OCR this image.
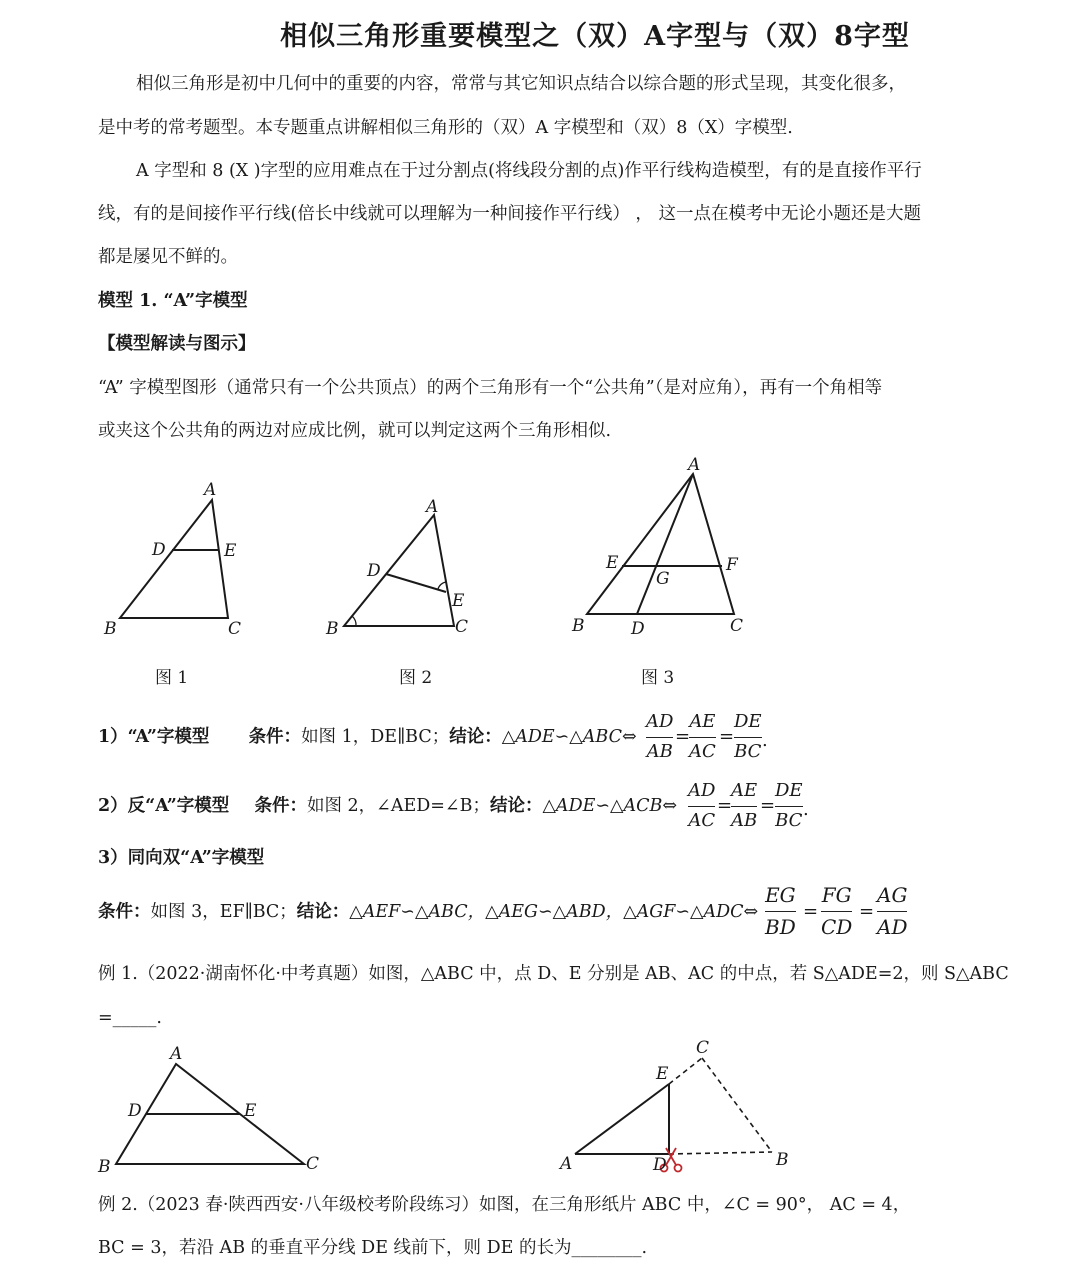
相似三角形重要模型之（双）A字型与（双）8字型
相似三角形是初中几何中的重要的内容，常常与其它知识点结合以综合题的形式呈现，其变化很多，
是中考的常考题型。本专题重点讲解相似三角形的（双）A 字模型和（双）8（X）字模型.
A 字型和 8 (X )字型的应用难点在于过分割点(将线段分割的点)作平行线构造模型，有的是直接作平行
线，有的是间接作平行线(倍长中线就可以理解为一种间接作平行线） ， 这一点在模考中无论小题还是大题
都是屡见不鲜的。
模型 1. “A”字模型
【模型解读与图示】
“A” 字模型图形（通常只有一个公共顶点）的两个三角形有一个“公共角”（是对应角），再有一个角相等
或夹这个公共角的两边对应成比例，就可以判定这两个三角形相似.
A
B	C
D	E
A
B	C
D
E
A
B	C
D
E	F
G
图 1	图 2	图 3
1）“A”字模型 条件：如图 1，DE∥BC；结论：△ADE∽△ABC⇔
AD
AB
=
AE
AC
=
DE
BC
.
2）反“A”字模型 条件：如图 2，∠AED=∠B；结论：△ADE∽△ACB⇔
AD
AC
=
AE
AB
=
DE
BC
.
3）同向双“A”字模型
条件：如图 3，EF∥BC；结论：△AEF∽△ABC，△AEG∽△ABD，△AGF∽△ADC⇔
EG
BD
=
FG
CD
=
AG
AD
例 1.（2022·湖南怀化·中考真题）如图，△ABC 中，点 D、E 分别是 AB、AC 的中点，若 S△ADE=2，则 S△ABC
=_____.
A
B	C
D	E
A	B
C
D
E
例 2.（2023 春·陕西西安·八年级校考阶段练习）如图，在三角形纸片 ABC 中，∠C = 90°， AC = 4，
BC = 3，若沿 AB 的垂直平分线 DE 线前下，则 DE 的长为________.
